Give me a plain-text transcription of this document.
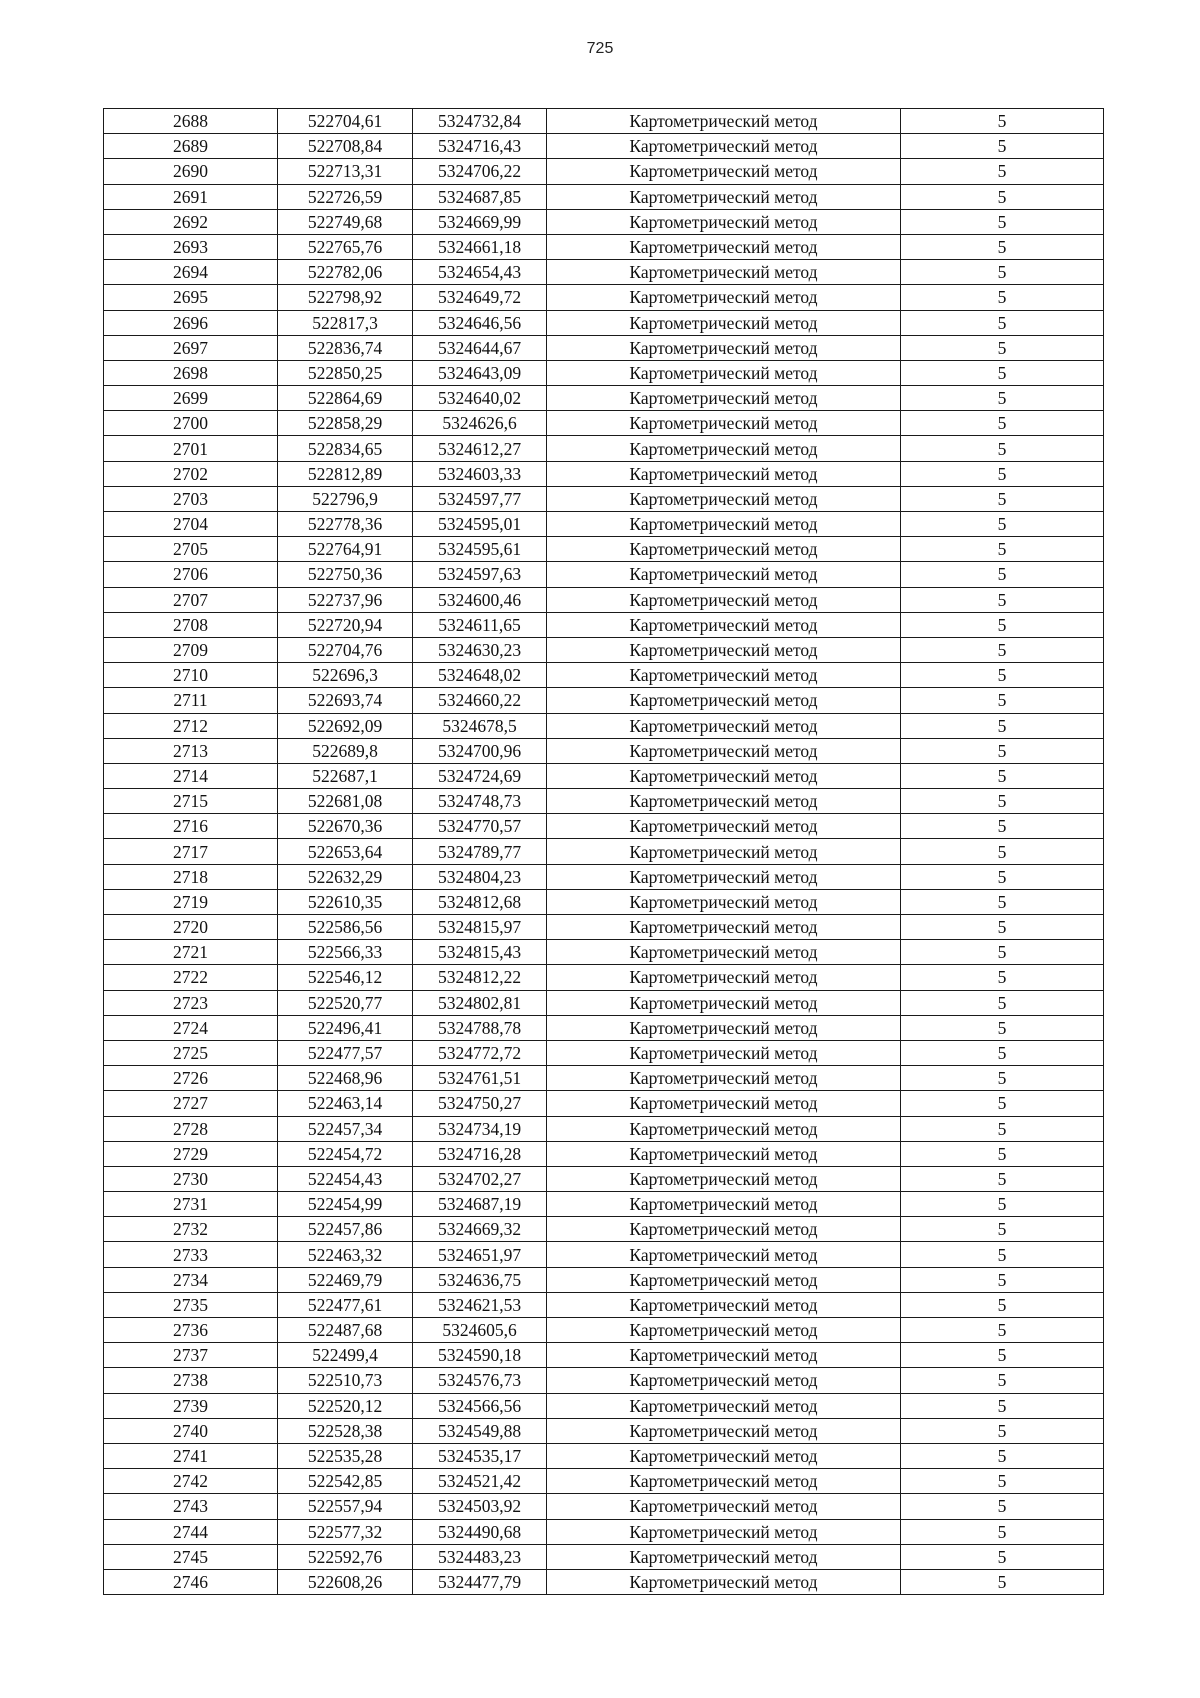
725
2688	522704,61	5324732,84	Картометрический метод	5
2689	522708,84	5324716,43	Картометрический метод	5
2690	522713,31	5324706,22	Картометрический метод	5
2691	522726,59	5324687,85	Картометрический метод	5
2692	522749,68	5324669,99	Картометрический метод	5
2693	522765,76	5324661,18	Картометрический метод	5
2694	522782,06	5324654,43	Картометрический метод	5
2695	522798,92	5324649,72	Картометрический метод	5
2696	522817,3	5324646,56	Картометрический метод	5
2697	522836,74	5324644,67	Картометрический метод	5
2698	522850,25	5324643,09	Картометрический метод	5
2699	522864,69	5324640,02	Картометрический метод	5
2700	522858,29	5324626,6	Картометрический метод	5
2701	522834,65	5324612,27	Картометрический метод	5
2702	522812,89	5324603,33	Картометрический метод	5
2703	522796,9	5324597,77	Картометрический метод	5
2704	522778,36	5324595,01	Картометрический метод	5
2705	522764,91	5324595,61	Картометрический метод	5
2706	522750,36	5324597,63	Картометрический метод	5
2707	522737,96	5324600,46	Картометрический метод	5
2708	522720,94	5324611,65	Картометрический метод	5
2709	522704,76	5324630,23	Картометрический метод	5
2710	522696,3	5324648,02	Картометрический метод	5
2711	522693,74	5324660,22	Картометрический метод	5
2712	522692,09	5324678,5	Картометрический метод	5
2713	522689,8	5324700,96	Картометрический метод	5
2714	522687,1	5324724,69	Картометрический метод	5
2715	522681,08	5324748,73	Картометрический метод	5
2716	522670,36	5324770,57	Картометрический метод	5
2717	522653,64	5324789,77	Картометрический метод	5
2718	522632,29	5324804,23	Картометрический метод	5
2719	522610,35	5324812,68	Картометрический метод	5
2720	522586,56	5324815,97	Картометрический метод	5
2721	522566,33	5324815,43	Картометрический метод	5
2722	522546,12	5324812,22	Картометрический метод	5
2723	522520,77	5324802,81	Картометрический метод	5
2724	522496,41	5324788,78	Картометрический метод	5
2725	522477,57	5324772,72	Картометрический метод	5
2726	522468,96	5324761,51	Картометрический метод	5
2727	522463,14	5324750,27	Картометрический метод	5
2728	522457,34	5324734,19	Картометрический метод	5
2729	522454,72	5324716,28	Картометрический метод	5
2730	522454,43	5324702,27	Картометрический метод	5
2731	522454,99	5324687,19	Картометрический метод	5
2732	522457,86	5324669,32	Картометрический метод	5
2733	522463,32	5324651,97	Картометрический метод	5
2734	522469,79	5324636,75	Картометрический метод	5
2735	522477,61	5324621,53	Картометрический метод	5
2736	522487,68	5324605,6	Картометрический метод	5
2737	522499,4	5324590,18	Картометрический метод	5
2738	522510,73	5324576,73	Картометрический метод	5
2739	522520,12	5324566,56	Картометрический метод	5
2740	522528,38	5324549,88	Картометрический метод	5
2741	522535,28	5324535,17	Картометрический метод	5
2742	522542,85	5324521,42	Картометрический метод	5
2743	522557,94	5324503,92	Картометрический метод	5
2744	522577,32	5324490,68	Картометрический метод	5
2745	522592,76	5324483,23	Картометрический метод	5
2746	522608,26	5324477,79	Картометрический метод	5
